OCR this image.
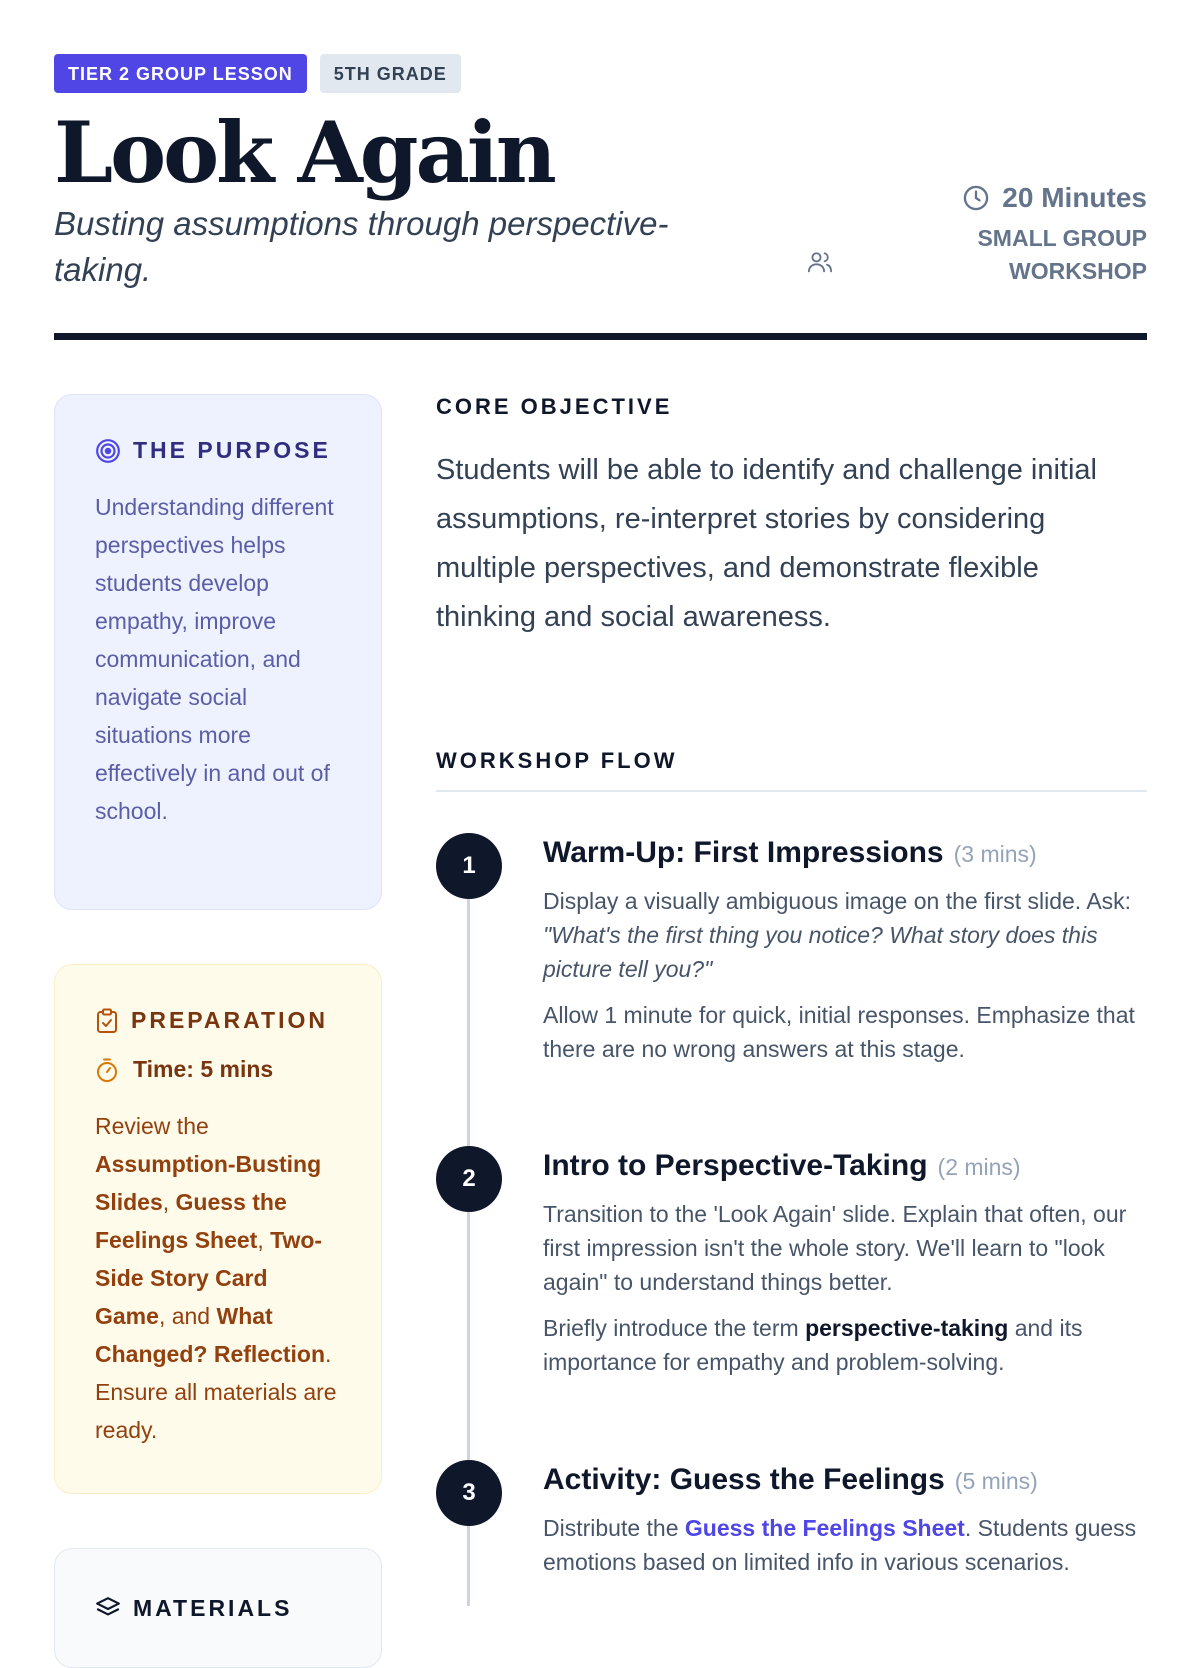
TIER 2 GROUP LESSON	5TH GRADE
Look Again

Busting assumptions through perspective-taking.

20 Minutes
SMALL GROUP
WORKSHOP
THE PURPOSE

Understanding different perspectives helps students develop empathy, improve communication, and navigate social situations more effectively in and out of school.

PREPARATION
Time: 5 mins

Review the Assumption-Busting Slides, Guess the Feelings Sheet, Two-Side Story Card Game, and What Changed? Reflection. Ensure all materials are ready.

MATERIALS
CORE OBJECTIVE

Students will be able to identify and challenge initial assumptions, re-interpret stories by considering multiple perspectives, and demonstrate flexible thinking and social awareness.

WORKSHOP FLOW
1	Warm-Up: First Impressions (3 mins)

Display a visually ambiguous image on the first slide. Ask: "What's the first thing you notice? What story does this picture tell you?"

Allow 1 minute for quick, initial responses. Emphasize that there are no wrong answers at this stage.

2	Intro to Perspective-Taking (2 mins)

Transition to the 'Look Again' slide. Explain that often, our first impression isn't the whole story. We'll learn to "look again" to understand things better.

Briefly introduce the term perspective-taking and its importance for empathy and problem-solving.

3	Activity: Guess the Feelings (5 mins)

Distribute the Guess the Feelings Sheet. Students guess emotions based on limited info in various scenarios.
